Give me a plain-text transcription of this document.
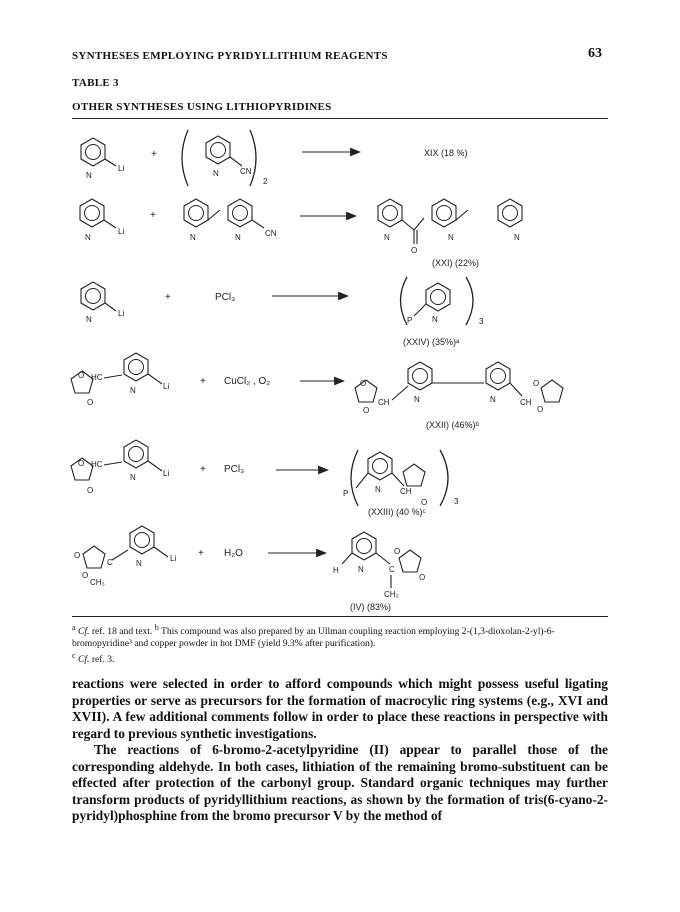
SYNTHESES EMPLOYING PYRIDYLLITHIUM REAGENTS	63
TABLE 3
OTHER SYNTHESES USING LITHIOPYRIDINES
N
Li
+
N	CN
2
XIX (18 %)
N
Li
+
N	N	CN
O
N	N	N
(XXI) (22%)
N
Li
+	PCl₃
P N	3
(XXIV) (35%)ᵃ
HC
O
O
N	Li	+ CuCl₂ , O₂	O
O
CH	N	N	CH
O
O
(XXII) (46%)ᵇ
HC
O
O
N	Li	+ PCl₃
P	N CH
O	3
(XXIII) (40 %)ᶜ
O
O
C
CH₃
N
Li + H₂O
H N	C
O
O
CH₃
(IV) (83%)
$^a$ Cf. ref. 18 and text. $^b$ This compound was also prepared by an Ullman coupling reaction employing 2-(1,3-dioxolan-2-yl)-6-bromopyridine³ and copper powder in hot DMF (yield 9.3% after purification).
$^c$ Cf. ref. 3.

reactions were selected in order to afford compounds which might possess useful ligating properties or serve as precursors for the formation of macrocylic ring systems (e.g., XVI and XVII). A few additional comments follow in order to place these reactions in perspective with regard to previous synthetic investigations.

The reactions of 6-bromo-2-acetylpyridine (II) appear to parallel those of the corresponding aldehyde. In both cases, lithiation of the remaining bromo-substituent can be effected after protection of the carbonyl group. Standard organic techniques may further transform products of pyridyllithium reactions, as shown by the formation of tris(6-cyano-2-pyridyl)phosphine from the bromo precursor V by the method of
